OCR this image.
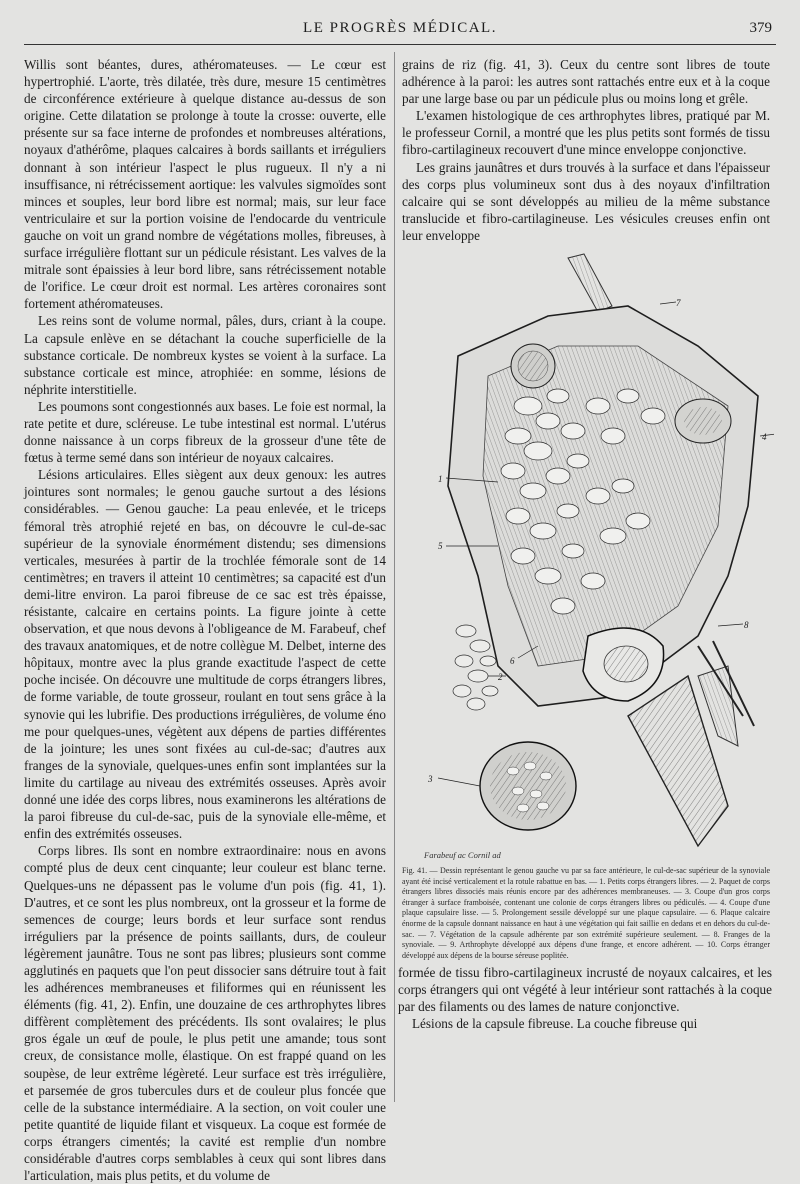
LE PROGRÈS MÉDICAL.	379

Willis sont béantes, dures, athéromateuses. — Le cœur est hypertrophié. L'aorte, très dilatée, très dure, mesure 15 centimètres de circonférence extérieure à quelque distance au-dessus de son origine. Cette dilatation se prolonge à toute la crosse: ouverte, elle présente sur sa face interne de profondes et nombreuses altérations, noyaux d'athérôme, plaques calcaires à bords saillants et irréguliers donnant à son intérieur l'aspect le plus rugueux. Il n'y a ni insuffisance, ni rétrécissement aortique: les valvules sigmoïdes sont minces et souples, leur bord libre est normal; mais, sur leur face ventriculaire et sur la portion voisine de l'endocarde du ventricule gauche on voit un grand nombre de végétations molles, fibreuses, à surface irrégulière flottant sur un pédicule résistant. Les valves de la mitrale sont épaissies à leur bord libre, sans rétrécissement notable de l'orifice. Le cœur droit est normal. Les artères coronaires sont fortement athéromateuses.

Les reins sont de volume normal, pâles, durs, criant à la coupe. La capsule enlève en se détachant la couche superficielle de la substance corticale. De nombreux kystes se voient à la surface. La substance corticale est mince, atrophiée: en somme, lésions de néphrite interstitielle.

Les poumons sont congestionnés aux bases. Le foie est normal, la rate petite et dure, scléreuse. Le tube intestinal est normal. L'utérus donne naissance à un corps fibreux de la grosseur d'une tête de fœtus à terme semé dans son intérieur de noyaux calcaires.

Lésions articulaires. Elles siègent aux deux genoux: les autres jointures sont normales; le genou gauche surtout a des lésions considérables. — Genou gauche: La peau enlevée, et le triceps fémoral très atrophié rejeté en bas, on découvre le cul-de-sac supérieur de la synoviale énormément distendu; ses dimensions verticales, mesurées à partir de la trochlée fémorale sont de 14 centimètres; en travers il atteint 10 centimètres; sa capacité est d'un demi-litre environ. La paroi fibreuse de ce sac est très épaisse, résistante, calcaire en certains points. La figure jointe à cette observation, et que nous devons à l'obligeance de M. Farabeuf, chef des travaux anatomiques, et de notre collègue M. Delbet, interne des hôpitaux, montre avec la plus grande exactitude l'aspect de cette poche incisée. On découvre une multitude de corps étrangers libres, de forme variable, de toute grosseur, roulant en tout sens grâce à la synovie qui les lubrifie. Des productions irrégulières, de volume éno me pour quelques-unes, végètent aux dépens de parties différentes de la jointure; les unes sont fixées au cul-de-sac; d'autres aux franges de la synoviale, quelques-unes enfin sont implantées sur la limite du cartilage au niveau des extrémités osseuses. Après avoir donné une idée des corps libres, nous examinerons les altérations de la paroi fibreuse du cul-de-sac, puis de la synoviale elle-même, et enfin des extrémités osseuses.

Corps libres. Ils sont en nombre extraordinaire: nous en avons compté plus de deux cent cinquante; leur couleur est blanc terne. Quelques-uns ne dépassent pas le volume d'un pois (fig. 41, 1). D'autres, et ce sont les plus nombreux, ont la grosseur et la forme de semences de courge; leurs bords et leur surface sont rendus irréguliers par la présence de points saillants, durs, de couleur légèrement jaunâtre. Tous ne sont pas libres; plusieurs sont comme agglutinés en paquets que l'on peut dissocier sans détruire tout à fait les adhérences membraneuses et filiformes qui en réunissent les éléments (fig. 41, 2). Enfin, une douzaine de ces arthrophytes libres diffèrent complètement des précédents. Ils sont ovalaires; le plus gros égale un œuf de poule, le plus petit une amande; tous sont creux, de consistance molle, élastique. On est frappé quand on les soupèse, de leur extrême légèreté. Leur surface est très irrégulière, et parsemée de gros tubercules durs et de couleur plus foncée que celle de la substance intermédiaire. A la section, on voit couler une petite quantité de liquide filant et visqueux. La coque est formée de corps étrangers cimentés; la cavité est remplie d'un nombre considérable d'autres corps semblables à ceux qui sont libres dans l'articulation, mais plus petits, et du volume de

grains de riz (fig. 41, 3). Ceux du centre sont libres de toute adhérence à la paroi: les autres sont rattachés entre eux et à la coque par une large base ou par un pédicule plus ou moins long et grêle.

L'examen histologique de ces arthrophytes libres, pratiqué par M. le professeur Cornil, a montré que les plus petits sont formés de tissu fibro-cartilagineux recouvert d'une mince enveloppe conjonctive.

Les grains jaunâtres et durs trouvés à la surface et dans l'épaisseur des corps plus volumineux sont dus à des noyaux d'infiltration calcaire qui se sont développés au milieu de la même substance translucide et fibro-cartilagineuse. Les vésicules creuses enfin ont leur enveloppe

7
4
1
5
8
6
2
3
Farabeuf ac Cornil ad
Fig. 41. — Dessin représentant le genou gauche vu par sa face antérieure, le cul-de-sac supérieur de la synoviale ayant été incisé verticalement et la rotule rabattue en bas. — 1. Petits corps étrangers libres. — 2. Paquet de corps étrangers libres dissociés mais réunis encore par des adhérences membraneuses. — 3. Coupe d'un gros corps étranger à surface framboisée, contenant une colonie de corps étrangers libres ou pédiculés. — 4. Coupe d'une plaque capsulaire lisse. — 5. Prolongement sessile développé sur une plaque capsulaire. — 6. Plaque calcaire énorme de la capsule donnant naissance en haut à une végétation qui fait saillie en dedans et en dehors du cul-de-sac. — 7. Végétation de la capsule adhérente par son extrémité supérieure seulement. — 8. Franges de la synoviale. — 9. Arthrophyte développé aux dépens d'une frange, et encore adhérent. — 10. Corps étranger développé aux dépens de la bourse séreuse poplitée.

formée de tissu fibro-cartilagineux incrusté de noyaux calcaires, et les corps étrangers qui ont végété à leur intérieur sont rattachés à la coque par des filaments ou des lames de nature conjonctive.

Lésions de la capsule fibreuse. La couche fibreuse qui
